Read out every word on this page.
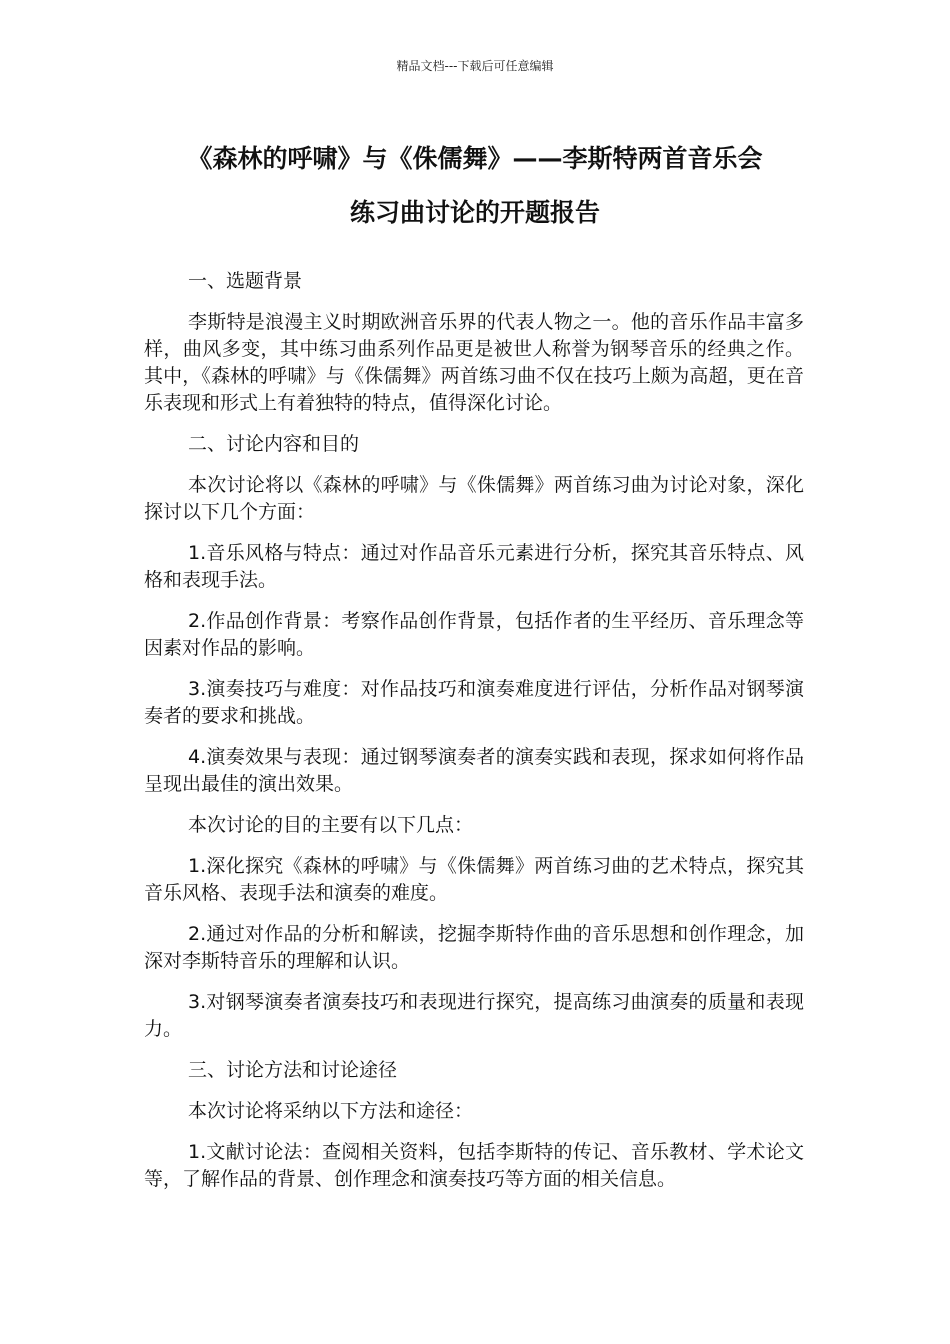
精品文档---下载后可任意编辑
《森林的呼啸》与《侏儒舞》——李斯特两首音乐会
练习曲讨论的开题报告

一、选题背景

李斯特是浪漫主义时期欧洲音乐界的代表人物之一。他的音乐作品丰富多样，曲风多变，其中练习曲系列作品更是被世人称誉为钢琴音乐的经典之作。其中，《森林的呼啸》与《侏儒舞》两首练习曲不仅在技巧上颇为高超，更在音乐表现和形式上有着独特的特点，值得深化讨论。

二、讨论内容和目的

本次讨论将以《森林的呼啸》与《侏儒舞》两首练习曲为讨论对象，深化探讨以下几个方面：

1.音乐风格与特点：通过对作品音乐元素进行分析，探究其音乐特点、风格和表现手法。

2.作品创作背景：考察作品创作背景，包括作者的生平经历、音乐理念等因素对作品的影响。

3.演奏技巧与难度：对作品技巧和演奏难度进行评估，分析作品对钢琴演奏者的要求和挑战。

4.演奏效果与表现：通过钢琴演奏者的演奏实践和表现，探求如何将作品呈现出最佳的演出效果。

本次讨论的目的主要有以下几点：

1.深化探究《森林的呼啸》与《侏儒舞》两首练习曲的艺术特点，探究其音乐风格、表现手法和演奏的难度。

2.通过对作品的分析和解读，挖掘李斯特作曲的音乐思想和创作理念，加深对李斯特音乐的理解和认识。

3.对钢琴演奏者演奏技巧和表现进行探究，提高练习曲演奏的质量和表现力。

三、讨论方法和讨论途径

本次讨论将采纳以下方法和途径：

1.文献讨论法：查阅相关资料，包括李斯特的传记、音乐教材、学术论文等，了解作品的背景、创作理念和演奏技巧等方面的相关信息。
